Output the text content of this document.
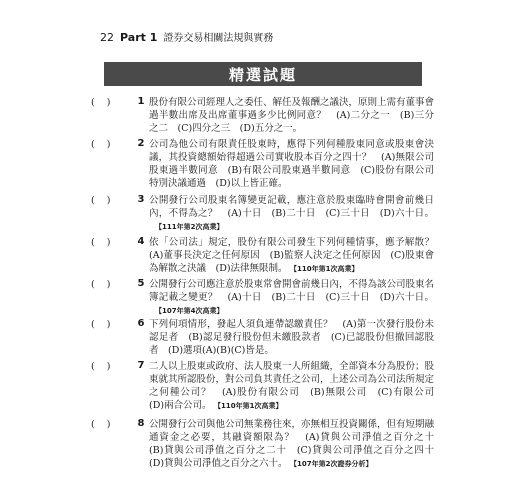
22 Part 1 證券交易相關法規與實務
精選試題
(    )	1 股份有限公司經理人之委任、解任及報酬之議決，原則上需有董事會過半數出席及出席董事過多少比例同意？　(A)二分之一　(B)三分之二　(C)四分之三　(D)五分之一。
(    )	2 公司為他公司有限責任股東時，應得下列何種股東同意或股東會決議，其投資總額始得超過公司實收股本百分之四十？　(A)無限公司股東過半數同意　(B)有限公司股東過半數同意　(C)股份有限公司特別決議通過　(D)以上皆正確。
(    )	3 公開發行公司股東名簿變更記載，應注意於股東臨時會開會前幾日內，不得為之？　(A)十日　(B)二十日　(C)三十日　(D)六十日。【111年第2次高業】
(    )	4 依「公司法」規定，股份有限公司發生下列何種情事，應予解散？　(A)董事長決定之任何原因　(B)監察人決定之任何原因　(C)股東會為解散之決議　(D)法律無限制。 【110年第1次高業】
(    )	5 公開發行公司應注意於股東常會開會前幾日內，不得為該公司股東名簿記載之變更？　(A)十日　(B)二十日　(C)三十日　(D)六十日。【107年第4次高業】
(    )	6 下列何項情形，發起人須負連帶認繳責任？　(A)第一次發行股份未認足者　(B)認足發行股份但未繳股款者　(C)已認股份但撤回認股者　(D)選項(A)(B)(C)皆是。
(    )	7 二人以上股東或政府、法人股東一人所組織，全部資本分為股份；股東就其所認股份，對公司負其責任之公司，上述公司為公司法所規定之何種公司？　(A)股份有限公司　(B)無限公司　(C)有限公司　(D)兩合公司。 【110年第1次高業】
(    )	8 公開發行公司與他公司無業務往來，亦無相互投資關係，但有短期融通資金之必要，其融資額限為？　(A)貸與公司淨值之百分之十　(B)貸與公司淨值之百分之二十　(C)貸與公司淨值之百分之四十　(D)貸與公司淨值之百分之六十。 【107年第2次證券分析】
